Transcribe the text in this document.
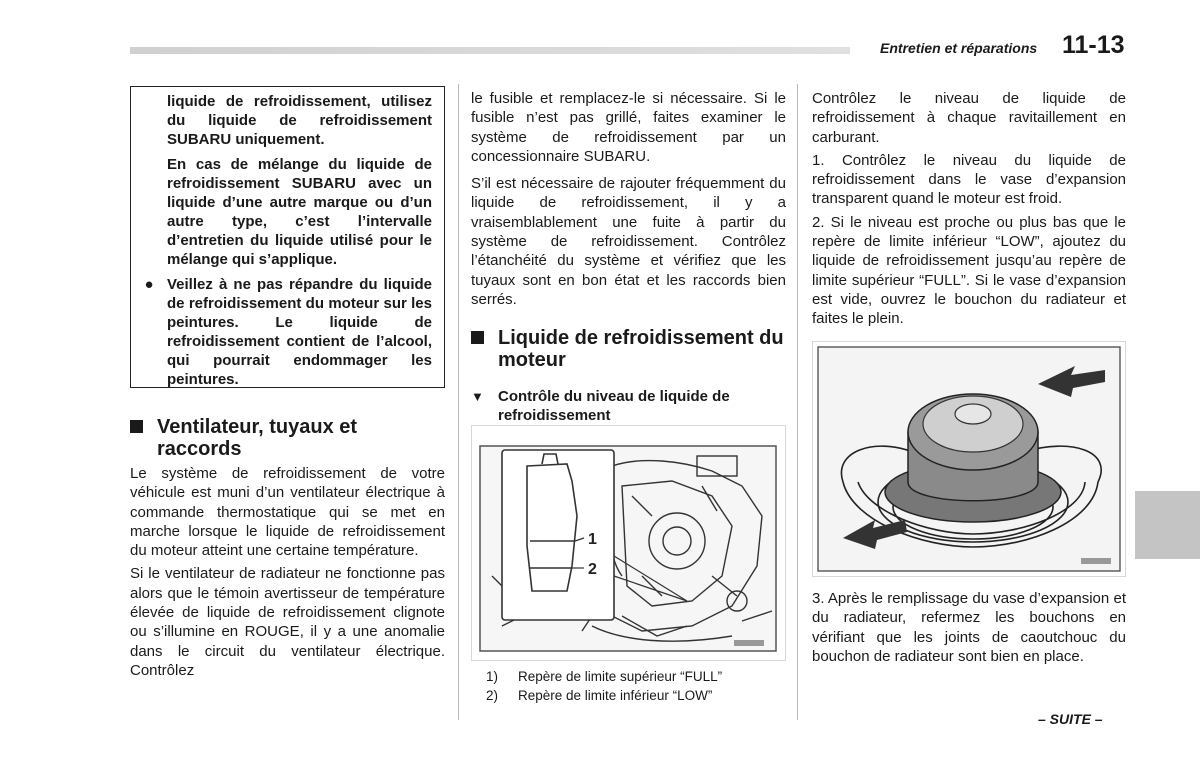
Entretien et réparations 11-13

liquide de refroidissement, utilisez du liquide de refroidissement SUBARU uniquement.

En cas de mélange du liquide de refroidissement SUBARU avec un liquide d’une autre marque ou d’un autre type, c’est l’intervalle d’entretien du liquide utilisé pour le mélange qui s’applique.

● Veillez à ne pas répandre du liquide de refroidissement du moteur sur les peintures. Le liquide de refroidissement contient de l’alcool, qui pourrait endommager les peintures.

Ventilateur, tuyaux et raccords

Le système de refroidissement de votre véhicule est muni d’un ventilateur électrique à commande thermostatique qui se met en marche lorsque le liquide de refroidissement du moteur atteint une certaine température.

Si le ventilateur de radiateur ne fonctionne pas alors que le témoin avertisseur de température élevée de liquide de refroidissement clignote ou s’illumine en ROUGE, il y a une anomalie dans le circuit du ventilateur électrique. Contrôlez

le fusible et remplacez-le si nécessaire. Si le fusible n’est pas grillé, faites examiner le système de refroidissement par un concessionnaire SUBARU.

S’il est nécessaire de rajouter fréquemment du liquide de refroidissement, il y a vraisemblablement une fuite à partir du système de refroidissement. Contrôlez l’étanchéité du système et vérifiez que les tuyaux sont en bon état et les raccords bien serrés.

Liquide de refroidissement du moteur
▼ Contrôle du niveau de liquide de refroidissement
1
2
1)	Repère de limite supérieur “FULL”
2)	Repère de limite inférieur “LOW”

Contrôlez le niveau de liquide de refroidissement à chaque ravitaillement en carburant.

1. Contrôlez le niveau du liquide de refroidissement dans le vase d’expansion transparent quand le moteur est froid.

2. Si le niveau est proche ou plus bas que le repère de limite inférieur “LOW”, ajoutez du liquide de refroidissement jusqu’au repère de limite supérieur “FULL”. Si le vase d’expansion est vide, ouvrez le bouchon du radiateur et faites le plein.

3. Après le remplissage du vase d’expansion et du radiateur, refermez les bouchons en vérifiant que les joints de caoutchouc du bouchon de radiateur sont bien en place.

– SUITE –
